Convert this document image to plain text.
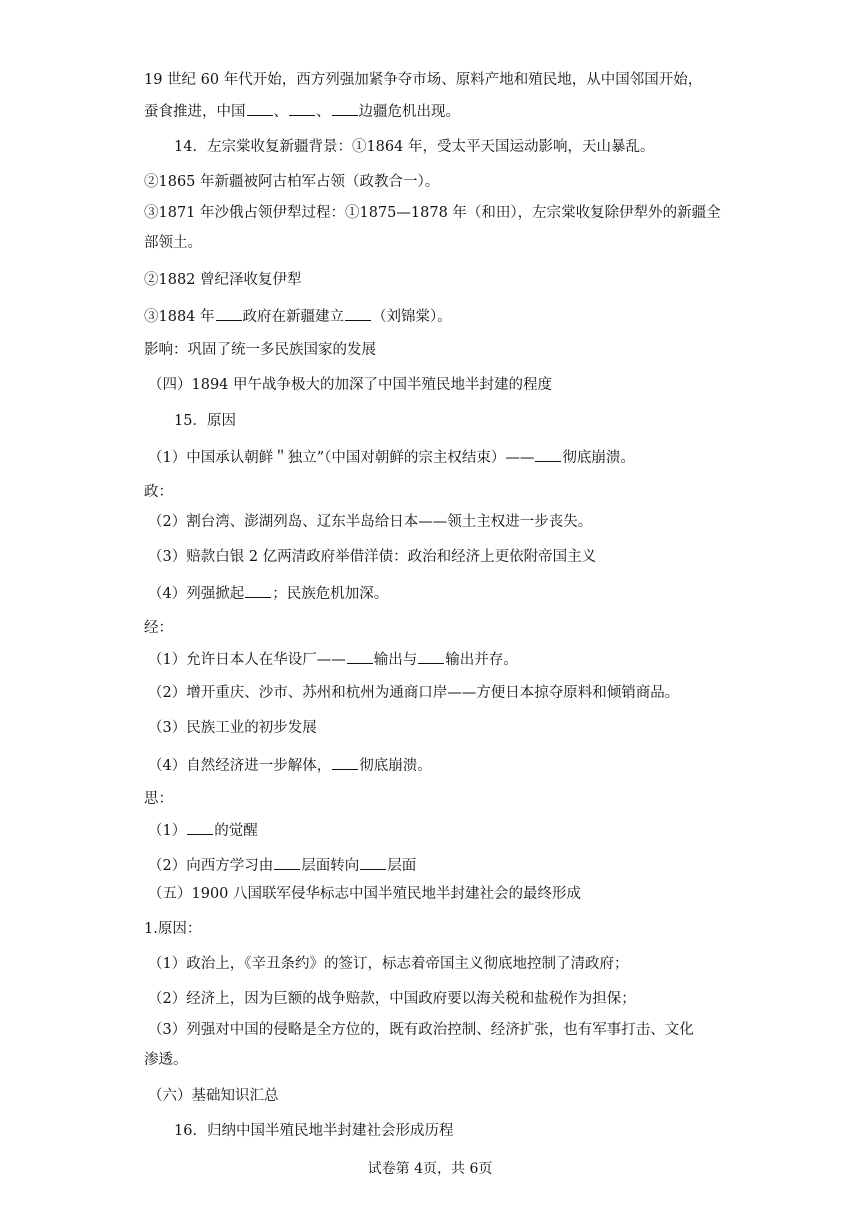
19 世纪 60 年代开始，西方列强加紧争夺市场、原料产地和殖民地，从中国邻国开始，
蚕食推进，中国 、 、 边疆危机出现。
14．左宗棠收复新疆背景：①1864 年，受太平天国运动影响，天山暴乱。
②1865 年新疆被阿古柏军占领（政教合一）。
③1871 年沙俄占领伊犁过程：①1875—1878 年（和田），左宗棠收复除伊犁外的新疆全
部领土。
②1882 曾纪泽收复伊犁
③1884 年 政府在新疆建立 （刘锦棠）。
影响：巩固了统一多民族国家的发展
（四）1894 甲午战争极大的加深了中国半殖民地半封建的程度
15．原因
（1）中国承认朝鲜＂独立”（中国对朝鲜的宗主权结束）—— 彻底崩溃。
政：
（2）割台湾、澎湖列岛、辽东半岛给日本——领土主权进一步丧失。
（3）赔款白银 2 亿两清政府举借洋债：政治和经济上更依附帝国主义
（4）列强掀起 ；民族危机加深。
经：
（1）允许日本人在华设厂—— 输出与 输出并存。
（2）增开重庆、沙市、苏州和杭州为通商口岸——方便日本掠夺原料和倾销商品。
（3）民族工业的初步发展
（4）自然经济进一步解体， 彻底崩溃。
思：
（1） 的觉醒
（2）向西方学习由 层面转向 层面
（五）1900 八国联军侵华标志中国半殖民地半封建社会的最终形成
1.原因：
（1）政治上，《辛丑条约》的签订，标志着帝国主义彻底地控制了清政府；
（2）经济上，因为巨额的战争赔款，中国政府要以海关税和盐税作为担保；
（3）列强对中国的侵略是全方位的，既有政治控制、经济扩张，也有军事打击、文化
渗透。
（六）基础知识汇总
16．归纳中国半殖民地半封建社会形成历程
试卷第 4页，共 6页
